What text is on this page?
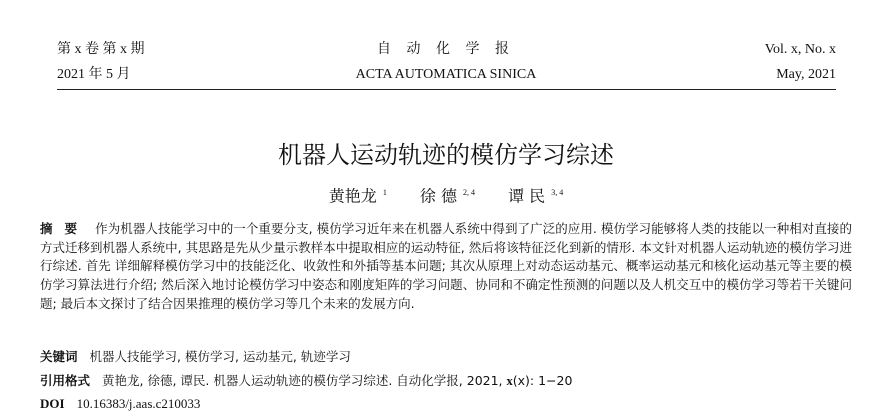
第 x 卷 第 x 期
2021 年 5 月
自 动 化 学 报
ACTA AUTOMATICA SINICA
Vol. x, No. x
May, 2021
机器人运动轨迹的模仿学习综述
黄艳龙 $^1$ 徐 德 $^{2, 4}$ 谭 民 $^{3, 4}$
摘要 作为机器人技能学习中的一个重要分支, 模仿学习近年来在机器人系统中得到了广泛的应用. 模仿学习能够将人类的技能以一种相对直接的方式迁移到机器人系统中, 其思路是先从少量示教样本中提取相应的运动特征, 然后将该特征泛化到新的情形. 本文针对机器人运动轨迹的模仿学习进行综述. 首先 详细解释模仿学习中的技能泛化、收敛性和外插等基本问题; 其次从原理上对动态运动基元、概率运动基元和核化运动基元等主要的模仿学习算法进行介绍; 然后深入地讨论模仿学习中姿态和刚度矩阵的学习问题、协同和不确定性预测的问题以及人机交互中的模仿学习等若干关键问题; 最后本文探讨了结合因果推理的模仿学习等几个未来的发展方向.
关键词 机器人技能学习, 模仿学习, 运动基元, 轨迹学习
引用格式 黄艳龙, 徐德, 谭民. 机器人运动轨迹的模仿学习综述. 自动化学报, 2021, x(x): 1−20
DOI 10.16383/j.aas.c210033
